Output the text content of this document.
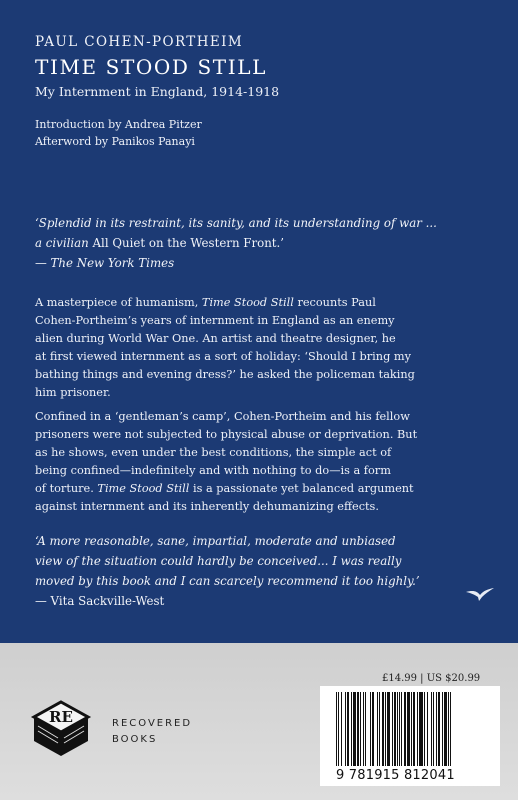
PAUL COHEN-PORTHEIM
TIME STOOD STILL
My Internment in England, 1914-1918
Introduction by Andrea Pitzer
Afterword by Panikos Panayi
‘Splendid in its restraint, its sanity, and its understanding of war ...
a civilian All Quiet on the Western Front.’
— The New York Times
A masterpiece of humanism, Time Stood Still recounts Paul
Cohen-Portheim’s years of internment in England as an enemy
alien during World War One. An artist and theatre designer, he
at first viewed internment as a sort of holiday: ‘Should I bring my
bathing things and evening dress?’ he asked the policeman taking
him prisoner.
Confined in a ‘gentleman’s camp’, Cohen-Portheim and his fellow
prisoners were not subjected to physical abuse or deprivation. But
as he shows, even under the best conditions, the simple act of
being confined—indefinitely and with nothing to do—is a form
of torture. Time Stood Still is a passionate yet balanced argument
against internment and its inherently dehumanizing effects.
‘A more reasonable, sane, impartial, moderate and unbiased
view of the situation could hardly be conceived... I was really
moved by this book and I can scarcely recommend it too highly.’
— Vita Sackville-West
RE	RECOVERED
BOOKS
£14.99 | US $20.99
9 781915 812041
